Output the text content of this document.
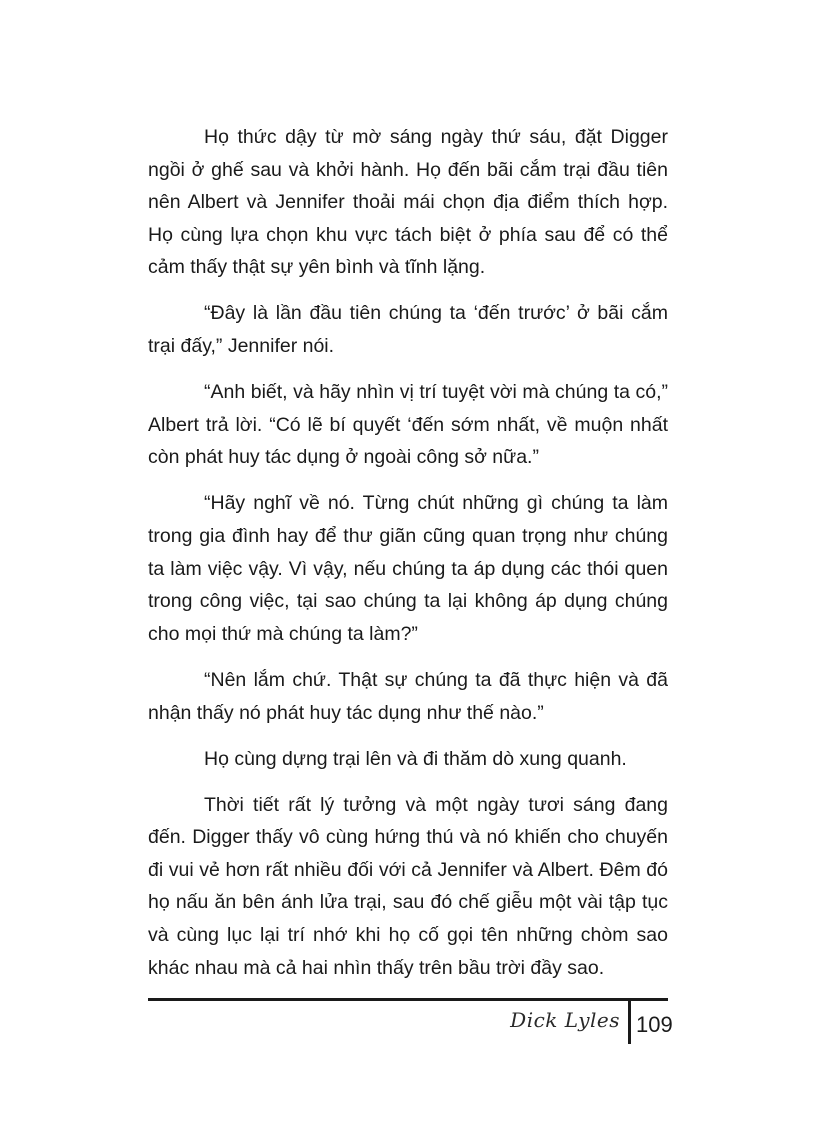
Họ thức dậy từ mờ sáng ngày thứ sáu, đặt Digger ngồi ở ghế sau và khởi hành. Họ đến bãi cắm trại đầu tiên nên Albert và Jennifer thoải mái chọn địa điểm thích hợp. Họ cùng lựa chọn khu vực tách biệt ở phía sau để có thể cảm thấy thật sự yên bình và tĩnh lặng.

“Đây là lần đầu tiên chúng ta ‘đến trước’ ở bãi cắm trại đấy,” Jennifer nói.

“Anh biết, và hãy nhìn vị trí tuyệt vời mà chúng ta có,” Albert trả lời. “Có lẽ bí quyết ‘đến sớm nhất, về muộn nhất còn phát huy tác dụng ở ngoài công sở nữa.”

“Hãy nghĩ về nó. Từng chút những gì chúng ta làm trong gia đình hay để thư giãn cũng quan trọng như chúng ta làm việc vậy. Vì vậy, nếu chúng ta áp dụng các thói quen trong công việc, tại sao chúng ta lại không áp dụng chúng cho mọi thứ mà chúng ta làm?”

“Nên lắm chứ. Thật sự chúng ta đã thực hiện và đã nhận thấy nó phát huy tác dụng như thế nào.”

Họ cùng dựng trại lên và đi thăm dò xung quanh.

Thời tiết rất lý tưởng và một ngày tươi sáng đang đến. Digger thấy vô cùng hứng thú và nó khiến cho chuyến đi vui vẻ hơn rất nhiều đối với cả Jennifer và Albert. Đêm đó họ nấu ăn bên ánh lửa trại, sau đó chế giễu một vài tập tục và cùng lục lại trí nhớ khi họ cố gọi tên những chòm sao khác nhau mà cả hai nhìn thấy trên bầu trời đầy sao.

Dick Lyles 109
